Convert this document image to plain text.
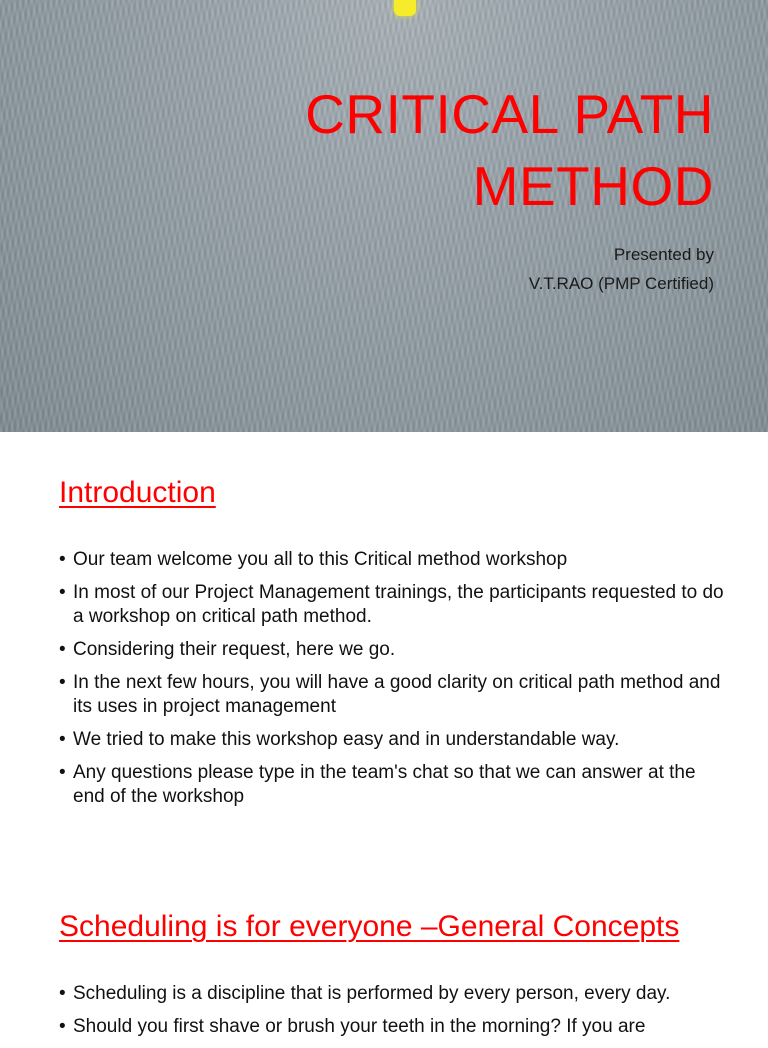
CRITICAL PATH
METHOD
Presented by
V.T.RAO (PMP Certified)
Introduction
• Our team welcome you all to this Critical method workshop
• In most of our Project Management trainings, the participants requested to do a workshop on critical path method.
• Considering their request, here we go.
• In the next few hours, you will have a good clarity on critical path method and its uses in project management
• We tried to make this workshop easy and in understandable way.
• Any questions please type in the team's chat so that we can answer at the end of the workshop
Scheduling is for everyone –General Concepts
• Scheduling is a discipline that is performed by every person, every day.
• Should you first shave or brush your teeth in the morning? If you are
